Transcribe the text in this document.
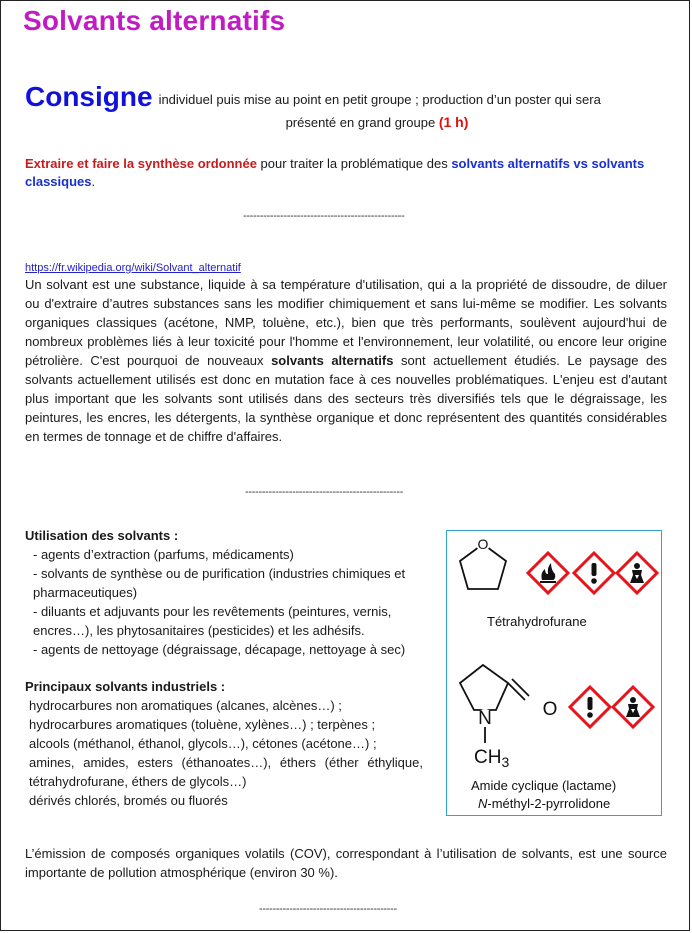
Solvants alternatifs
Consigne individuel puis mise au point en petit groupe ; production d’un poster qui sera
présenté en grand groupe (1 h)
Extraire et faire la synthèse ordonnée pour traiter la problématique des solvants alternatifs vs solvants classiques.
------------------------------------------------
https://fr.wikipedia.org/wiki/Solvant_alternatif

Un solvant est une substance, liquide à sa température d'utilisation, qui a la propriété de dissoudre, de diluer ou d'extraire d’autres substances sans les modifier chimiquement et sans lui-même se modifier. Les solvants organiques classiques (acétone, NMP, toluène, etc.), bien que très performants, soulèvent aujourd'hui de nombreux problèmes liés à leur toxicité pour l'homme et l'environnement, leur volatilité, ou encore leur origine pétrolière. C'est pourquoi de nouveaux solvants alternatifs sont actuellement étudiés. Le paysage des solvants actuellement utilisés est donc en mutation face à ces nouvelles problématiques. L'enjeu est d'autant plus important que les solvants sont utilisés dans des secteurs très diversifiés tels que le dégraissage, les peintures, les encres, les détergents, la synthèse organique et donc représentent des quantités considérables en termes de tonnage et de chiffre d'affaires.

-----------------------------------------------

Utilisation des solvants :

- agents d’extraction (parfums, médicaments)
- solvants de synthèse ou de purification (industries chimiques et pharmaceutiques)
- diluants et adjuvants pour les revêtements (peintures, vernis, encres…), les phytosanitaires (pesticides) et les adhésifs.
- agents de nettoyage (dégraissage, décapage, nettoyage à sec)

Principaux solvants industriels :

hydrocarbures non aromatiques (alcanes, alcènes…) ;
hydrocarbures aromatiques (toluène, xylènes…) ; terpènes ;
alcools (méthanol, éthanol, glycols…), cétones (acétone…) ;
amines, amides, esters (éthanoates…), éthers (éther éthylique, tétrahydrofurane, éthers de glycols…)
dérivés chlorés, bromés ou fluorés
O
O
N
$CH_3$
Tétrahydrofurane
Amide cyclique (lactame)
N-méthyl-2-pyrrolidone

L’émission de composés organiques volatils (COV), correspondant à l’utilisation de solvants, est une source importante de pollution atmosphérique (environ 30 %).

-----------------------------------------
